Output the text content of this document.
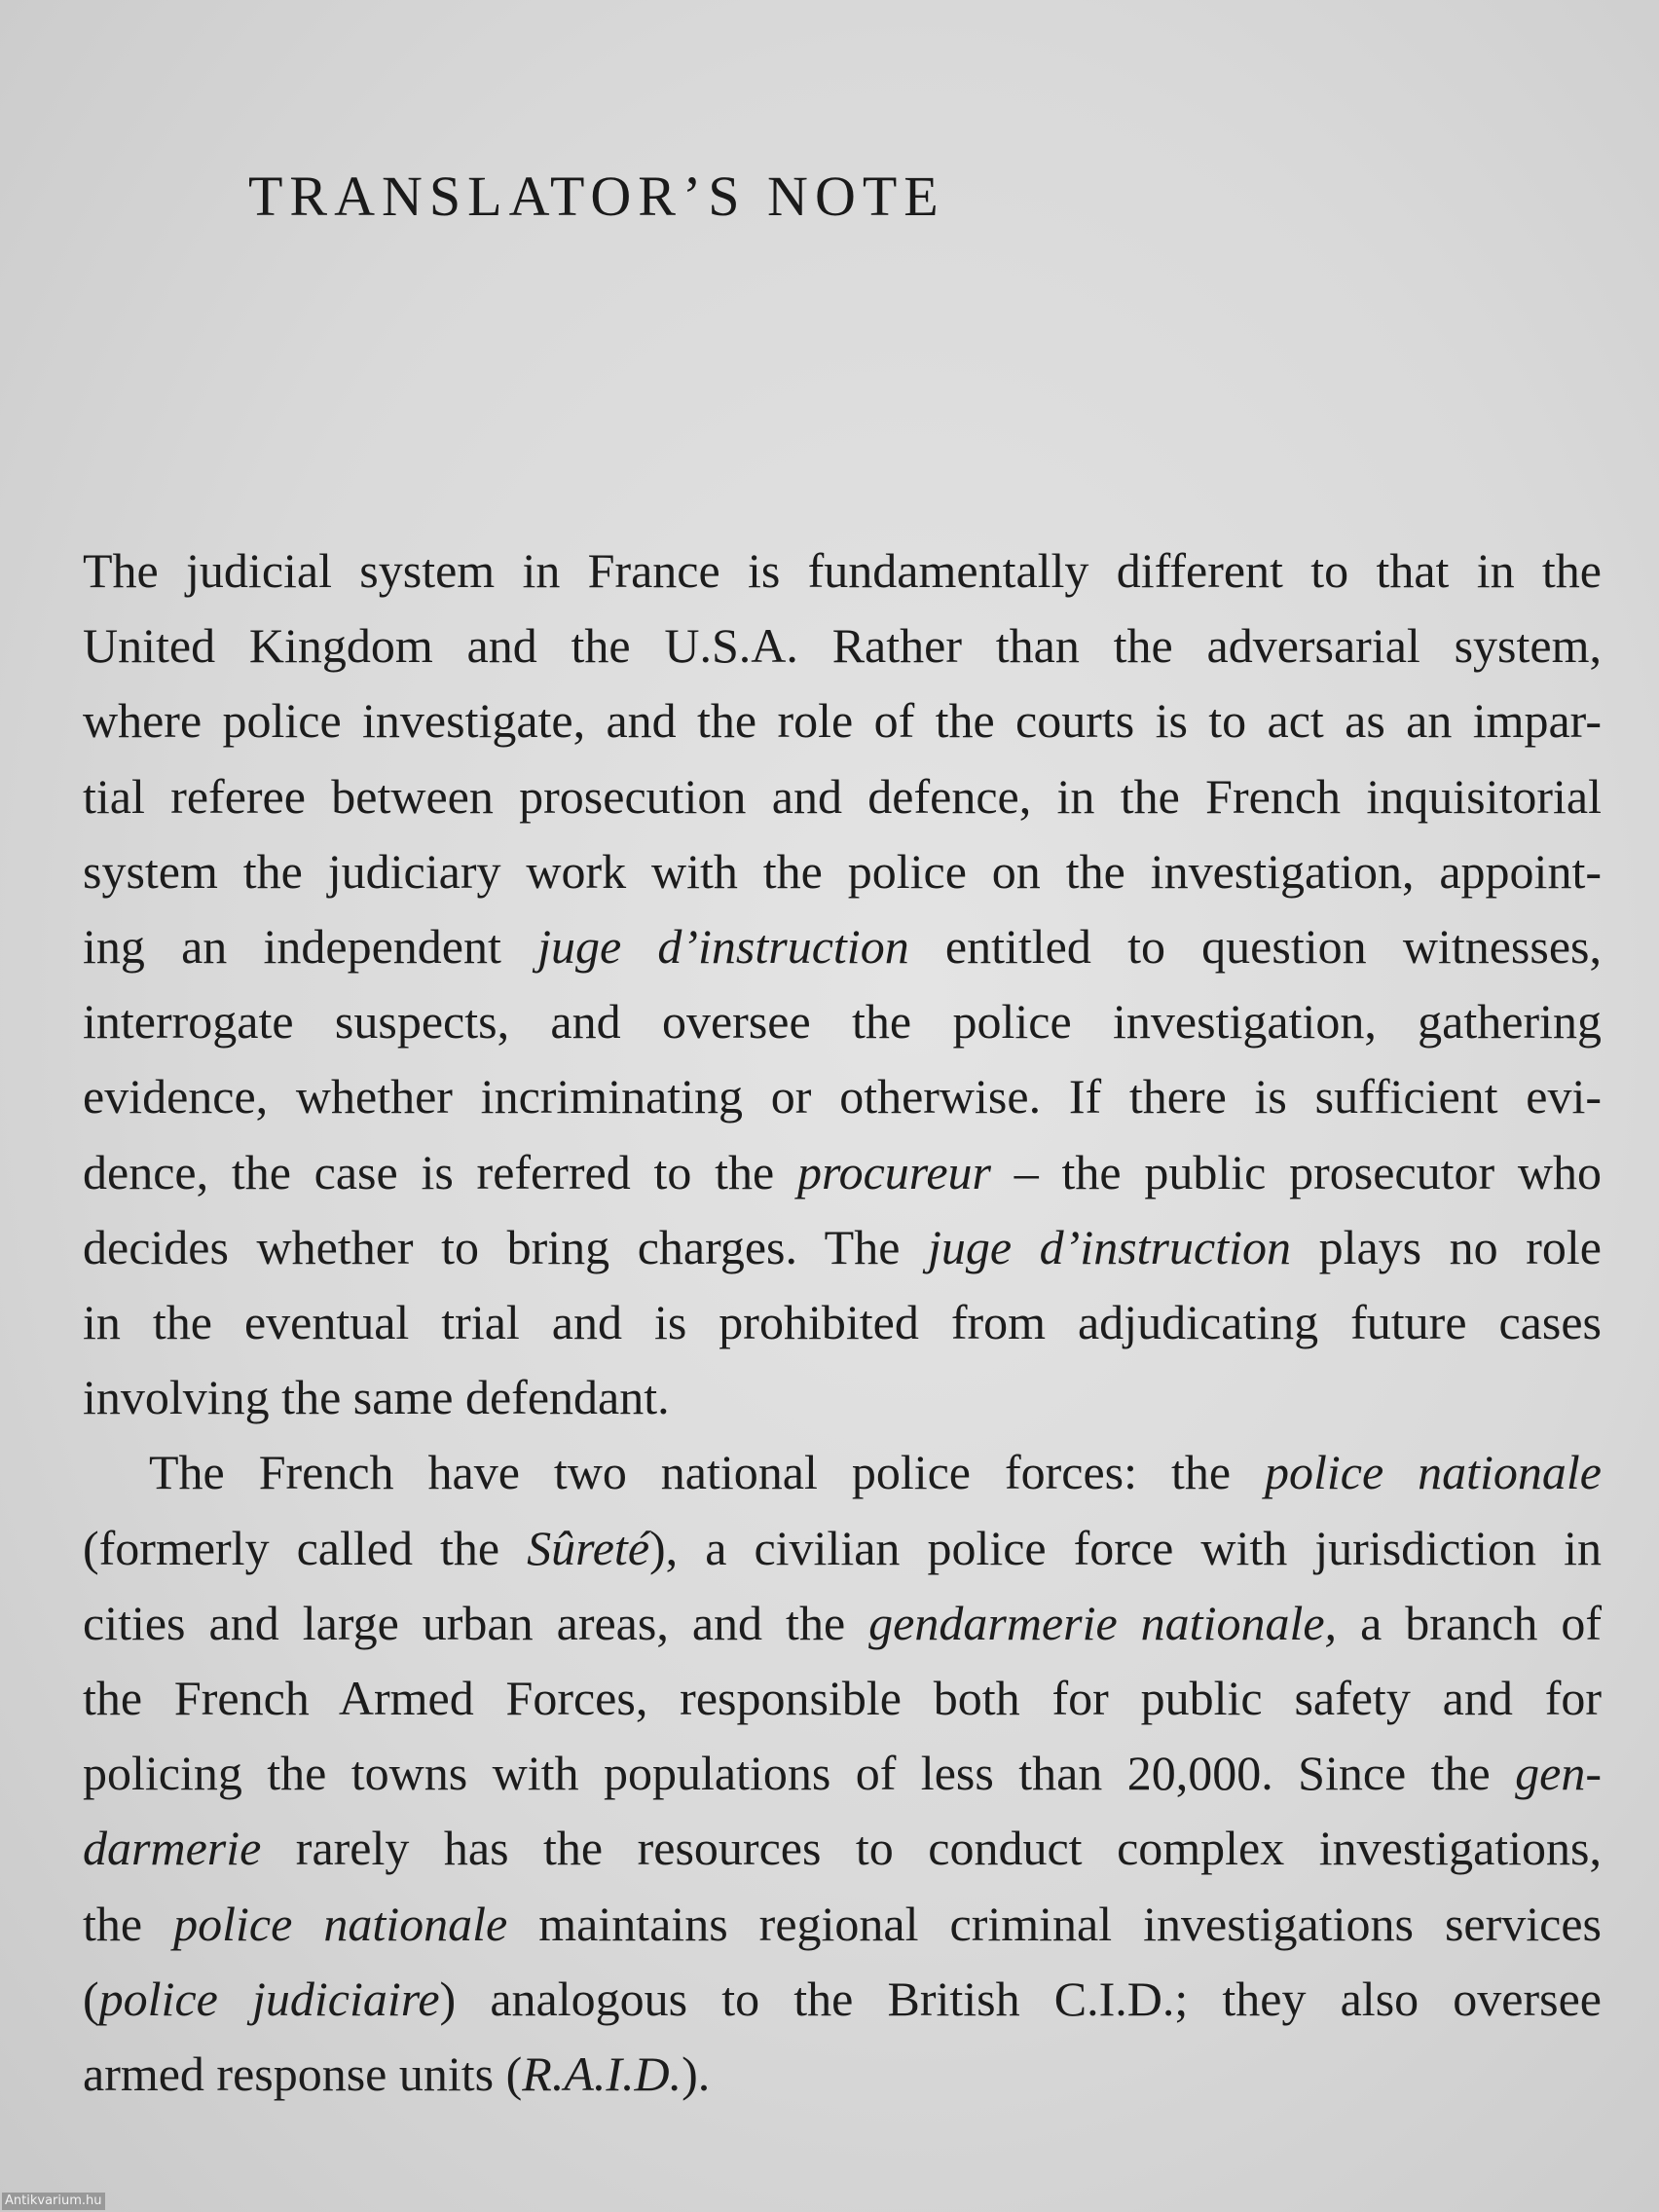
TRANSLATOR’S NOTE
The judicial system in France is fundamentally different to that in the
United Kingdom and the U.S.A. Rather than the adversarial system,
where police investigate, and the role of the courts is to act as an impar-
tial referee between prosecution and defence, in the French inquisitorial
system the judiciary work with the police on the investigation, appoint-
ing an independent juge d’instruction entitled to question witnesses,
interrogate suspects, and oversee the police investigation, gathering
evidence, whether incriminating or otherwise. If there is sufficient evi-
dence, the case is referred to the procureur – the public prosecutor who
decides whether to bring charges. The juge d’instruction plays no role
in the eventual trial and is prohibited from adjudicating future cases
involving the same defendant.
The French have two national police forces: the police nationale
(formerly called the Sûreté), a civilian police force with jurisdiction in
cities and large urban areas, and the gendarmerie nationale, a branch of
the French Armed Forces, responsible both for public safety and for
policing the towns with populations of less than 20,000. Since the gen-
darmerie rarely has the resources to conduct complex investigations,
the police nationale maintains regional criminal investigations services
(police judiciaire) analogous to the British C.I.D.; they also oversee
armed response units (R.A.I.D.).
Antikvarium.hu
